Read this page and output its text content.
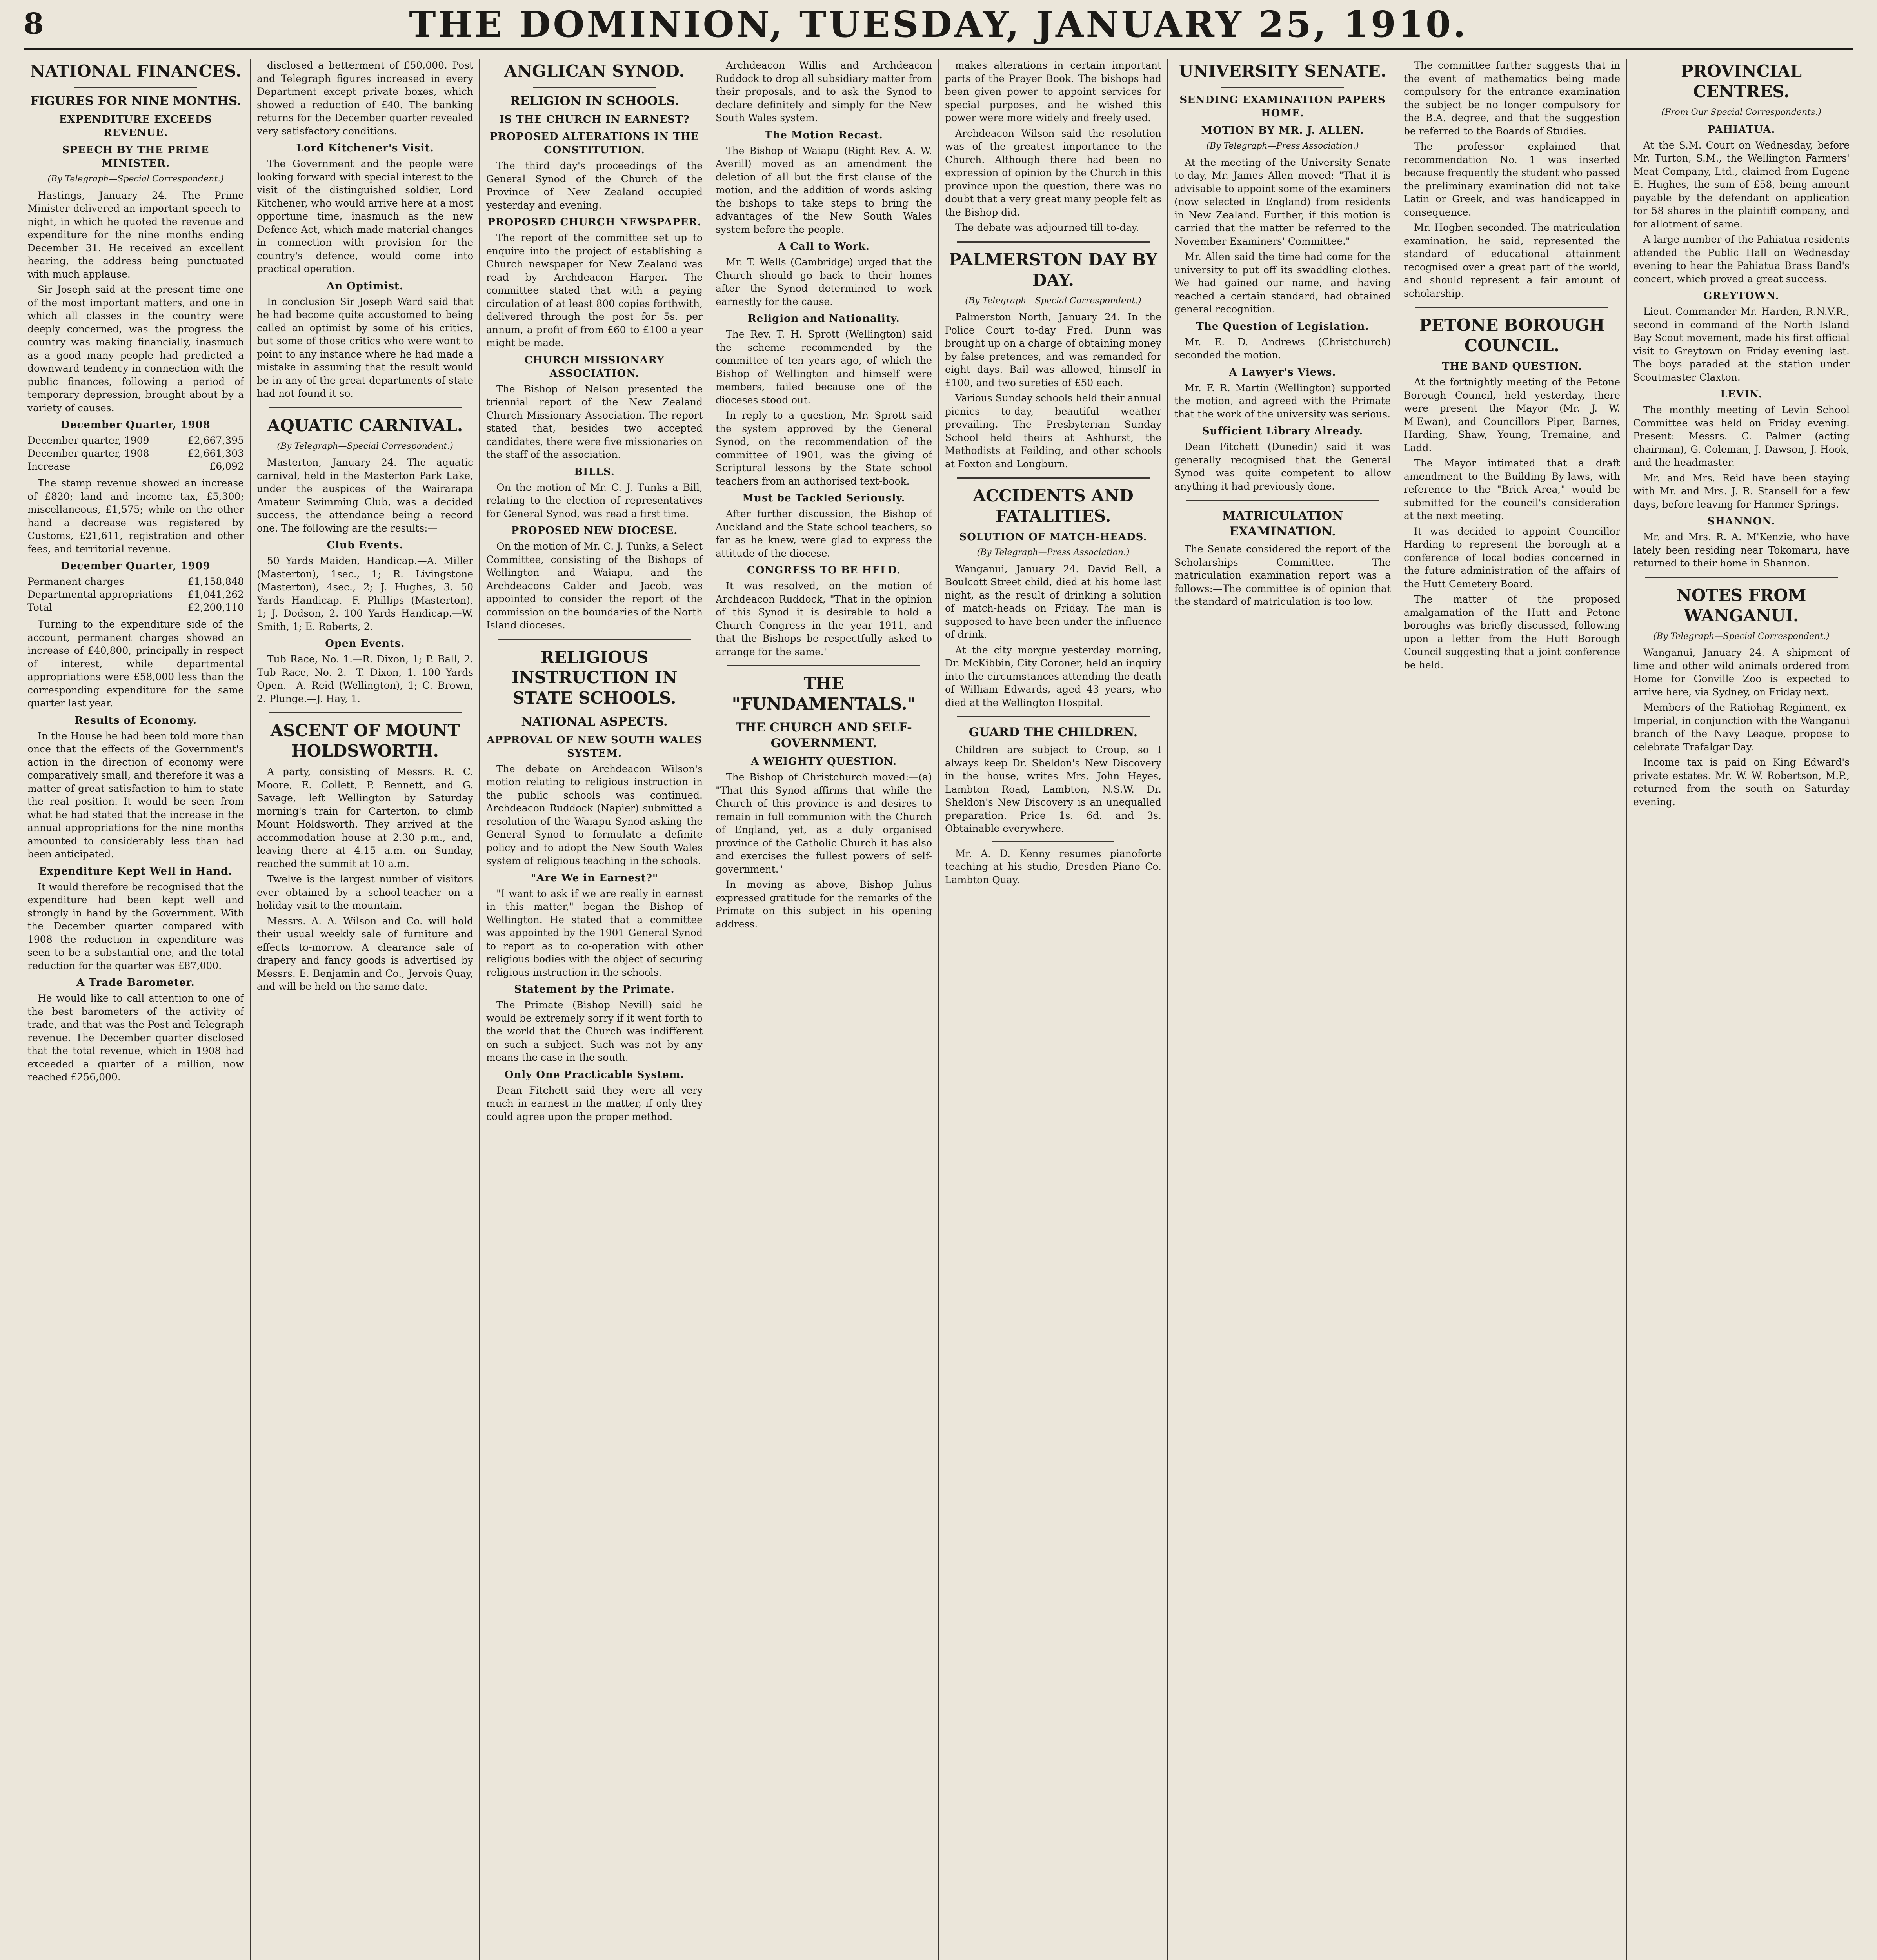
8	THE DOMINION, TUESDAY, JANUARY 25, 1910.
NATIONAL FINANCES.
FIGURES FOR NINE MONTHS.
EXPENDITURE EXCEEDS REVENUE.
SPEECH BY THE PRIME MINISTER.
(By Telegraph—Special Correspondent.)

Hastings, January 24. The Prime Minister delivered an important speech to-night, in which he quoted the revenue and expenditure for the nine months ending December 31. He received an excellent hearing, the address being punctuated with much applause.

Sir Joseph said at the present time one of the most important matters, and one in which all classes in the country were deeply concerned, was the progress the country was making financially, inasmuch as a good many people had predicted a downward tendency in connection with the public finances, following a period of temporary depression, brought about by a variety of causes.

December Quarter, 1908
December quarter, 1909	£2,667,395
December quarter, 1908	£2,661,303
Increase	£6,092

The stamp revenue showed an increase of £820; land and income tax, £5,300; miscellaneous, £1,575; while on the other hand a decrease was registered by Customs, £21,611, registration and other fees, and territorial revenue.

December Quarter, 1909
Permanent charges	£1,158,848
Departmental appropriations	£1,041,262
Total	£2,200,110

Turning to the expenditure side of the account, permanent charges showed an increase of £40,800, principally in respect of interest, while departmental appropriations were £58,000 less than the corresponding expenditure for the same quarter last year.

Results of Economy.

In the House he had been told more than once that the effects of the Government's action in the direction of economy were comparatively small, and therefore it was a matter of great satisfaction to him to state the real position. It would be seen from what he had stated that the increase in the annual appropriations for the nine months amounted to considerably less than had been anticipated.

Expenditure Kept Well in Hand.

It would therefore be recognised that the expenditure had been kept well and strongly in hand by the Government. With the December quarter compared with 1908 the reduction in expenditure was seen to be a substantial one, and the total reduction for the quarter was £87,000.

A Trade Barometer.

He would like to call attention to one of the best barometers of the activity of trade, and that was the Post and Telegraph revenue. The December quarter disclosed that the total revenue, which in 1908 had exceeded a quarter of a million, now reached £256,000.

disclosed a betterment of £50,000. Post and Telegraph figures increased in every Department except private boxes, which showed a reduction of £40. The banking returns for the December quarter revealed very satisfactory conditions.

Lord Kitchener's Visit.

The Government and the people were looking forward with special interest to the visit of the distinguished soldier, Lord Kitchener, who would arrive here at a most opportune time, inasmuch as the new Defence Act, which made material changes in connection with provision for the country's defence, would come into practical operation.

An Optimist.

In conclusion Sir Joseph Ward said that he had become quite accustomed to being called an optimist by some of his critics, but some of those critics who were wont to point to any instance where he had made a mistake in assuming that the result would be in any of the great departments of state had not found it so.

AQUATIC CARNIVAL.
(By Telegraph—Special Correspondent.)

Masterton, January 24. The aquatic carnival, held in the Masterton Park Lake, under the auspices of the Wairarapa Amateur Swimming Club, was a decided success, the attendance being a record one. The following are the results:—

Club Events.

50 Yards Maiden, Handicap.—A. Miller (Masterton), 1sec., 1; R. Livingstone (Masterton), 4sec., 2; J. Hughes, 3. 50 Yards Handicap.—F. Phillips (Masterton), 1; J. Dodson, 2. 100 Yards Handicap.—W. Smith, 1; E. Roberts, 2.

Open Events.

Tub Race, No. 1.—R. Dixon, 1; P. Ball, 2. Tub Race, No. 2.—T. Dixon, 1. 100 Yards Open.—A. Reid (Wellington), 1; C. Brown, 2. Plunge.—J. Hay, 1.

ASCENT OF MOUNT HOLDSWORTH.

A party, consisting of Messrs. R. C. Moore, E. Collett, P. Bennett, and G. Savage, left Wellington by Saturday morning's train for Carterton, to climb Mount Holdsworth. They arrived at the accommodation house at 2.30 p.m., and, leaving there at 4.15 a.m. on Sunday, reached the summit at 10 a.m.

Twelve is the largest number of visitors ever obtained by a school-teacher on a holiday visit to the mountain.

Messrs. A. A. Wilson and Co. will hold their usual weekly sale of furniture and effects to-morrow. A clearance sale of drapery and fancy goods is advertised by Messrs. E. Benjamin and Co., Jervois Quay, and will be held on the same date.

ANGLICAN SYNOD.
RELIGION IN SCHOOLS.
IS THE CHURCH IN EARNEST?
PROPOSED ALTERATIONS IN THE CONSTITUTION.

The third day's proceedings of the General Synod of the Church of the Province of New Zealand occupied yesterday and evening.

PROPOSED CHURCH NEWSPAPER.

The report of the committee set up to enquire into the project of establishing a Church newspaper for New Zealand was read by Archdeacon Harper. The committee stated that with a paying circulation of at least 800 copies forthwith, delivered through the post for 5s. per annum, a profit of from £60 to £100 a year might be made.

CHURCH MISSIONARY ASSOCIATION.

The Bishop of Nelson presented the triennial report of the New Zealand Church Missionary Association. The report stated that, besides two accepted candidates, there were five missionaries on the staff of the association.

BILLS.

On the motion of Mr. C. J. Tunks a Bill, relating to the election of representatives for General Synod, was read a first time.

PROPOSED NEW DIOCESE.

On the motion of Mr. C. J. Tunks, a Select Committee, consisting of the Bishops of Wellington and Waiapu, and the Archdeacons Calder and Jacob, was appointed to consider the report of the commission on the boundaries of the North Island dioceses.

RELIGIOUS INSTRUCTION IN STATE SCHOOLS.
NATIONAL ASPECTS.
APPROVAL OF NEW SOUTH WALES SYSTEM.

The debate on Archdeacon Wilson's motion relating to religious instruction in the public schools was continued. Archdeacon Ruddock (Napier) submitted a resolution of the Waiapu Synod asking the General Synod to formulate a definite policy and to adopt the New South Wales system of religious teaching in the schools.

"Are We in Earnest?"

"I want to ask if we are really in earnest in this matter," began the Bishop of Wellington. He stated that a committee was appointed by the 1901 General Synod to report as to co-operation with other religious bodies with the object of securing religious instruction in the schools.

Statement by the Primate.

The Primate (Bishop Nevill) said he would be extremely sorry if it went forth to the world that the Church was indifferent on such a subject. Such was not by any means the case in the south.

Only One Practicable System.

Dean Fitchett said they were all very much in earnest in the matter, if only they could agree upon the proper method.

Archdeacon Willis and Archdeacon Ruddock to drop all subsidiary matter from their proposals, and to ask the Synod to declare definitely and simply for the New South Wales system.

The Motion Recast.

The Bishop of Waiapu (Right Rev. A. W. Averill) moved as an amendment the deletion of all but the first clause of the motion, and the addition of words asking the bishops to take steps to bring the advantages of the New South Wales system before the people.

A Call to Work.

Mr. T. Wells (Cambridge) urged that the Church should go back to their homes after the Synod determined to work earnestly for the cause.

Religion and Nationality.

The Rev. T. H. Sprott (Wellington) said the scheme recommended by the committee of ten years ago, of which the Bishop of Wellington and himself were members, failed because one of the dioceses stood out.

In reply to a question, Mr. Sprott said the system approved by the General Synod, on the recommendation of the committee of 1901, was the giving of Scriptural lessons by the State school teachers from an authorised text-book.

Must be Tackled Seriously.

After further discussion, the Bishop of Auckland and the State school teachers, so far as he knew, were glad to express the attitude of the diocese.

CONGRESS TO BE HELD.

It was resolved, on the motion of Archdeacon Ruddock, "That in the opinion of this Synod it is desirable to hold a Church Congress in the year 1911, and that the Bishops be respectfully asked to arrange for the same."

THE "FUNDAMENTALS."
THE CHURCH AND SELF-GOVERNMENT.
A WEIGHTY QUESTION.

The Bishop of Christchurch moved:—(a) "That this Synod affirms that while the Church of this province is and desires to remain in full communion with the Church of England, yet, as a duly organised province of the Catholic Church it has also and exercises the fullest powers of self-government."

In moving as above, Bishop Julius expressed gratitude for the remarks of the Primate on this subject in his opening address.

makes alterations in certain important parts of the Prayer Book. The bishops had been given power to appoint services for special purposes, and he wished this power were more widely and freely used.

Archdeacon Wilson said the resolution was of the greatest importance to the Church. Although there had been no expression of opinion by the Church in this province upon the question, there was no doubt that a very great many people felt as the Bishop did.

The debate was adjourned till to-day.

PALMERSTON DAY BY DAY.
(By Telegraph—Special Correspondent.)

Palmerston North, January 24. In the Police Court to-day Fred. Dunn was brought up on a charge of obtaining money by false pretences, and was remanded for eight days. Bail was allowed, himself in £100, and two sureties of £50 each.

Various Sunday schools held their annual picnics to-day, beautiful weather prevailing. The Presbyterian Sunday School held theirs at Ashhurst, the Methodists at Feilding, and other schools at Foxton and Longburn.

ACCIDENTS AND FATALITIES.
SOLUTION OF MATCH-HEADS.
(By Telegraph—Press Association.)

Wanganui, January 24. David Bell, a Boulcott Street child, died at his home last night, as the result of drinking a solution of match-heads on Friday. The man is supposed to have been under the influence of drink.

At the city morgue yesterday morning, Dr. McKibbin, City Coroner, held an inquiry into the circumstances attending the death of William Edwards, aged 43 years, who died at the Wellington Hospital.

GUARD THE CHILDREN.

Children are subject to Croup, so I always keep Dr. Sheldon's New Discovery in the house, writes Mrs. John Heyes, Lambton Road, Lambton, N.S.W. Dr. Sheldon's New Discovery is an unequalled preparation. Price 1s. 6d. and 3s. Obtainable everywhere.

Mr. A. D. Kenny resumes pianoforte teaching at his studio, Dresden Piano Co. Lambton Quay.

UNIVERSITY SENATE.
SENDING EXAMINATION PAPERS HOME.
MOTION BY MR. J. ALLEN.
(By Telegraph—Press Association.)

At the meeting of the University Senate to-day, Mr. James Allen moved: "That it is advisable to appoint some of the examiners (now selected in England) from residents in New Zealand. Further, if this motion is carried that the matter be referred to the November Examiners' Committee."

Mr. Allen said the time had come for the university to put off its swaddling clothes. We had gained our name, and having reached a certain standard, had obtained general recognition.

The Question of Legislation.

Mr. E. D. Andrews (Christchurch) seconded the motion.

A Lawyer's Views.

Mr. F. R. Martin (Wellington) supported the motion, and agreed with the Primate that the work of the university was serious.

Sufficient Library Already.

Dean Fitchett (Dunedin) said it was generally recognised that the General Synod was quite competent to allow anything it had previously done.

MATRICULATION EXAMINATION.

The Senate considered the report of the Scholarships Committee. The matriculation examination report was a follows:—The committee is of opinion that the standard of matriculation is too low.

The committee further suggests that in the event of mathematics being made compulsory for the entrance examination the subject be no longer compulsory for the B.A. degree, and that the suggestion be referred to the Boards of Studies.

The professor explained that recommendation No. 1 was inserted because frequently the student who passed the preliminary examination did not take Latin or Greek, and was handicapped in consequence.

Mr. Hogben seconded. The matriculation examination, he said, represented the standard of educational attainment recognised over a great part of the world, and should represent a fair amount of scholarship.

PETONE BOROUGH COUNCIL.
THE BAND QUESTION.

At the fortnightly meeting of the Petone Borough Council, held yesterday, there were present the Mayor (Mr. J. W. M'Ewan), and Councillors Piper, Barnes, Harding, Shaw, Young, Tremaine, and Ladd.

The Mayor intimated that a draft amendment to the Building By-laws, with reference to the "Brick Area," would be submitted for the council's consideration at the next meeting.

It was decided to appoint Councillor Harding to represent the borough at a conference of local bodies concerned in the future administration of the affairs of the Hutt Cemetery Board.

The matter of the proposed amalgamation of the Hutt and Petone boroughs was briefly discussed, following upon a letter from the Hutt Borough Council suggesting that a joint conference be held.

PROVINCIAL CENTRES.
(From Our Special Correspondents.)
PAHIATUA.

At the S.M. Court on Wednesday, before Mr. Turton, S.M., the Wellington Farmers' Meat Company, Ltd., claimed from Eugene E. Hughes, the sum of £58, being amount payable by the defendant on application for 58 shares in the plaintiff company, and for allotment of same.

A large number of the Pahiatua residents attended the Public Hall on Wednesday evening to hear the Pahiatua Brass Band's concert, which proved a great success.

GREYTOWN.

Lieut.-Commander Mr. Harden, R.N.V.R., second in command of the North Island Bay Scout movement, made his first official visit to Greytown on Friday evening last. The boys paraded at the station under Scoutmaster Claxton.

LEVIN.

The monthly meeting of Levin School Committee was held on Friday evening. Present: Messrs. C. Palmer (acting chairman), G. Coleman, J. Dawson, J. Hook, and the headmaster.

Mr. and Mrs. Reid have been staying with Mr. and Mrs. J. R. Stansell for a few days, before leaving for Hanmer Springs.

SHANNON.

Mr. and Mrs. R. A. M'Kenzie, who have lately been residing near Tokomaru, have returned to their home in Shannon.

NOTES FROM WANGANUI.
(By Telegraph—Special Correspondent.)

Wanganui, January 24. A shipment of lime and other wild animals ordered from Home for Gonville Zoo is expected to arrive here, via Sydney, on Friday next.

Members of the Ratiohag Regiment, ex-Imperial, in conjunction with the Wanganui branch of the Navy League, propose to celebrate Trafalgar Day.

Income tax is paid on King Edward's private estates. Mr. W. W. Robertson, M.P., returned from the south on Saturday evening.
